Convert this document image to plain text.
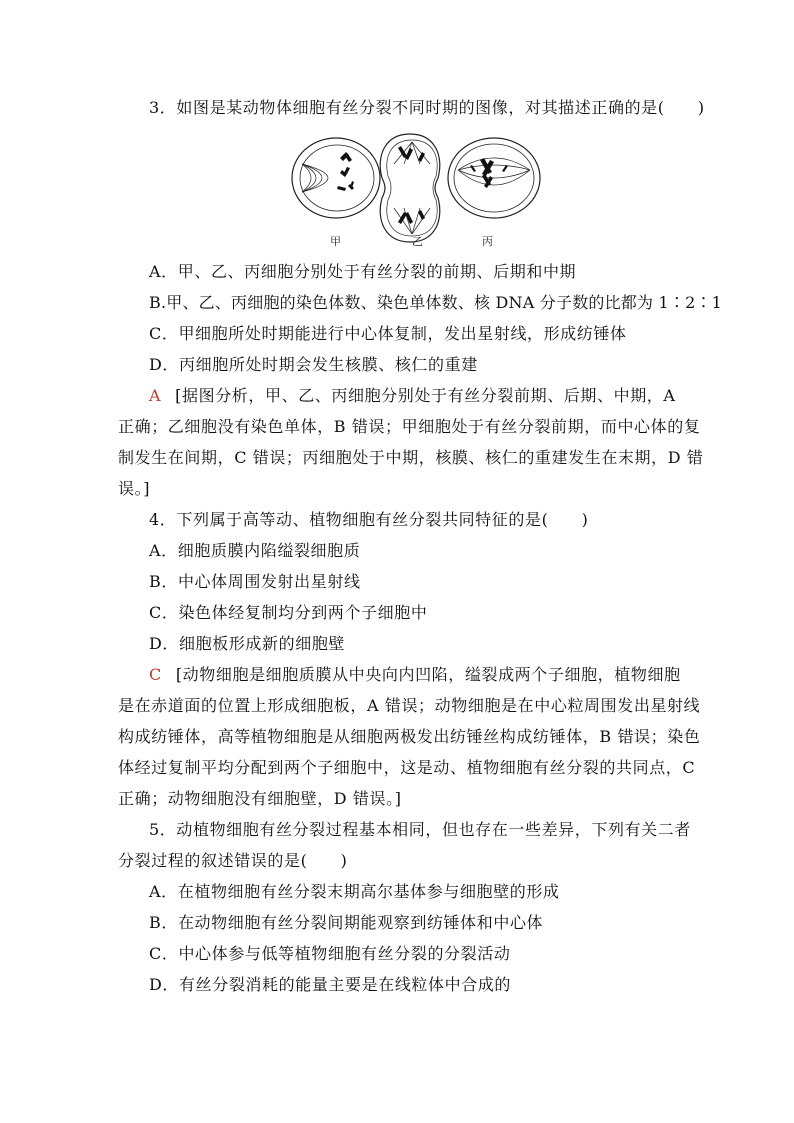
3．如图是某动物体细胞有丝分裂不同时期的图像，对其描述正确的是(　　)
甲	乙	丙
A．甲、乙、丙细胞分别处于有丝分裂的前期、后期和中期
B.甲、乙、丙细胞的染色体数、染色单体数、核 DNA 分子数的比都为 1∶2∶1
C．甲细胞所处时期能进行中心体复制，发出星射线，形成纺锤体
D．丙细胞所处时期会发生核膜、核仁的重建
A [据图分析，甲、乙、丙细胞分别处于有丝分裂前期、后期、中期，A
正确；乙细胞没有染色单体，B 错误；甲细胞处于有丝分裂前期，而中心体的复
制发生在间期，C 错误；丙细胞处于中期，核膜、核仁的重建发生在末期，D 错
误。]
4．下列属于高等动、植物细胞有丝分裂共同特征的是(　　)
A．细胞质膜内陷缢裂细胞质
B．中心体周围发射出星射线
C．染色体经复制均分到两个子细胞中
D．细胞板形成新的细胞壁
C [动物细胞是细胞质膜从中央向内凹陷，缢裂成两个子细胞，植物细胞
是在赤道面的位置上形成细胞板，A 错误；动物细胞是在中心粒周围发出星射线
构成纺锤体，高等植物细胞是从细胞两极发出纺锤丝构成纺锤体，B 错误；染色
体经过复制平均分配到两个子细胞中，这是动、植物细胞有丝分裂的共同点，C
正确；动物细胞没有细胞壁，D 错误。]
5．动植物细胞有丝分裂过程基本相同，但也存在一些差异，下列有关二者
分裂过程的叙述错误的是(　　)
A．在植物细胞有丝分裂末期高尔基体参与细胞壁的形成
B．在动物细胞有丝分裂间期能观察到纺锤体和中心体
C．中心体参与低等植物细胞有丝分裂的分裂活动
D．有丝分裂消耗的能量主要是在线粒体中合成的
